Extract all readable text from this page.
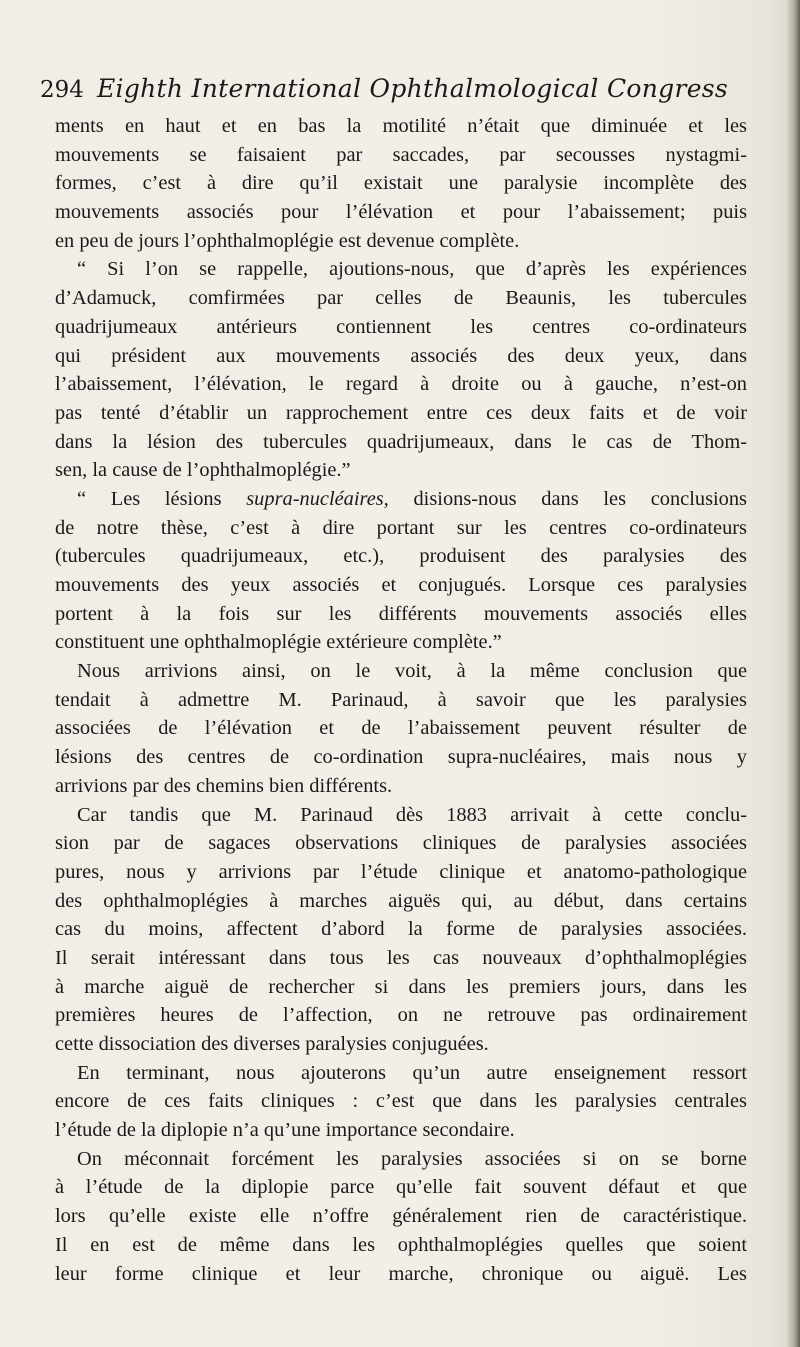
294 Eighth International Ophthalmological Congress
ments en haut et en bas la motilité n’était que diminuée et les
mouvements se faisaient par saccades, par secousses nystagmi-
formes, c’est à dire qu’il existait une paralysie incomplète des
mouvements associés pour l’élévation et pour l’abaissement; puis
en peu de jours l’ophthalmoplégie est devenue complète.
“ Si l’on se rappelle, ajoutions-nous, que d’après les expériences
d’Adamuck, comfirmées par celles de Beaunis, les tubercules
quadrijumeaux antérieurs contiennent les centres co-ordinateurs
qui président aux mouvements associés des deux yeux, dans
l’abaissement, l’élévation, le regard à droite ou à gauche, n’est-on
pas tenté d’établir un rapprochement entre ces deux faits et de voir
dans la lésion des tubercules quadrijumeaux, dans le cas de Thom-
sen, la cause de l’ophthalmoplégie.”
“ Les lésions supra-nucléaires, disions-nous dans les conclusions
de notre thèse, c’est à dire portant sur les centres co-ordinateurs
(tubercules quadrijumeaux, etc.), produisent des paralysies des
mouvements des yeux associés et conjugués. Lorsque ces paralysies
portent à la fois sur les différents mouvements associés elles
constituent une ophthalmoplégie extérieure complète.”
Nous arrivions ainsi, on le voit, à la même conclusion que
tendait à admettre M. Parinaud, à savoir que les paralysies
associées de l’élévation et de l’abaissement peuvent résulter de
lésions des centres de co-ordination supra-nucléaires, mais nous y
arrivions par des chemins bien différents.
Car tandis que M. Parinaud dès 1883 arrivait à cette conclu-
sion par de sagaces observations cliniques de paralysies associées
pures, nous y arrivions par l’étude clinique et anatomo-pathologique
des ophthalmoplégies à marches aiguës qui, au début, dans certains
cas du moins, affectent d’abord la forme de paralysies associées.
Il serait intéressant dans tous les cas nouveaux d’ophthalmoplégies
à marche aiguë de rechercher si dans les premiers jours, dans les
premières heures de l’affection, on ne retrouve pas ordinairement
cette dissociation des diverses paralysies conjuguées.
En terminant, nous ajouterons qu’un autre enseignement ressort
encore de ces faits cliniques : c’est que dans les paralysies centrales
l’étude de la diplopie n’a qu’une importance secondaire.
On méconnait forcément les paralysies associées si on se borne
à l’étude de la diplopie parce qu’elle fait souvent défaut et que
lors qu’elle existe elle n’offre généralement rien de caractéristique.
Il en est de même dans les ophthalmoplégies quelles que soient
leur forme clinique et leur marche, chronique ou aiguë. Les
